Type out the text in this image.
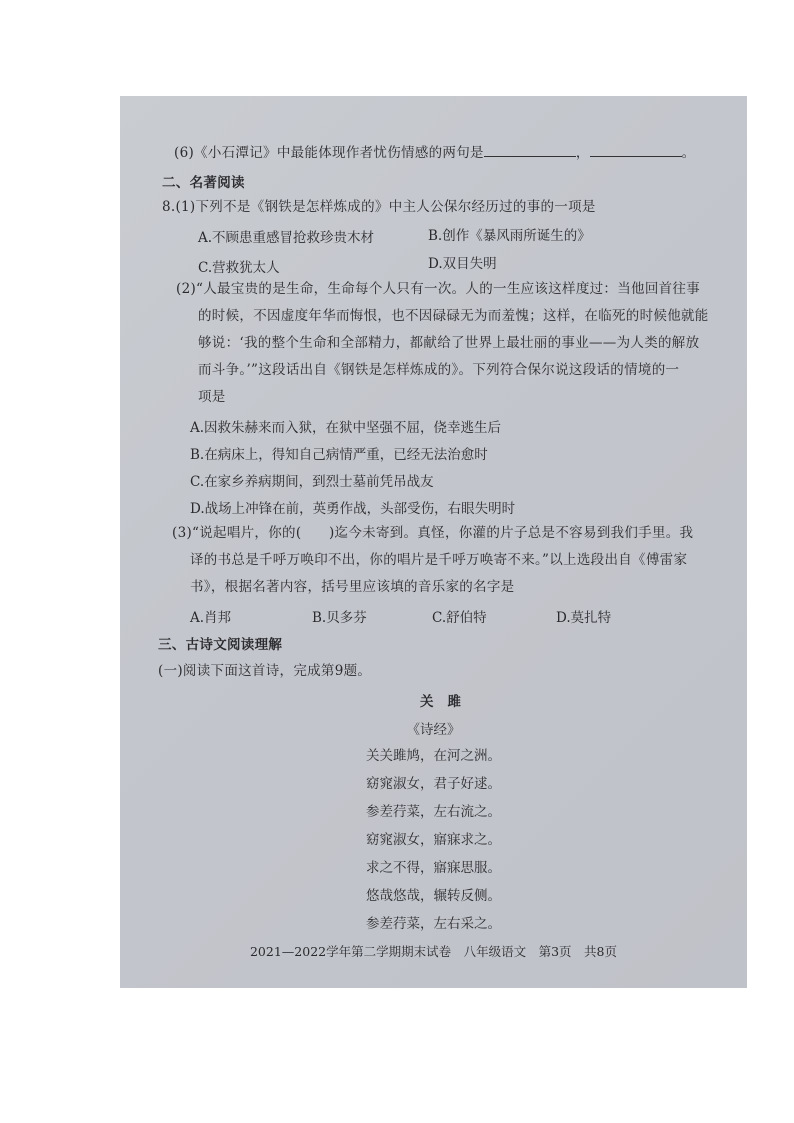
(6)《小石潭记》中最能体现作者忧伤情感的两句是	，	。
二、名著阅读
8.(1)下列不是《钢铁是怎样炼成的》中主人公保尔经历过的事的一项是
A.不顾患重感冒抢救珍贵木材	B.创作《暴风雨所诞生的》
C.营救犹太人	D.双目失明
(2)“人最宝贵的是生命，生命每个人只有一次。人的一生应该这样度过：当他回首往事
的时候，不因虚度年华而悔恨，也不因碌碌无为而羞愧；这样，在临死的时候他就能
够说：‘我的整个生命和全部精力，都献给了世界上最壮丽的事业——为人类的解放
而斗争。’”这段话出自《钢铁是怎样炼成的》。下列符合保尔说这段话的情境的一
项是
A.因救朱赫来而入狱，在狱中坚强不屈，侥幸逃生后
B.在病床上，得知自己病情严重，已经无法治愈时
C.在家乡养病期间，到烈士墓前凭吊战友
D.战场上冲锋在前，英勇作战，头部受伤，右眼失明时
(3)“说起唱片，你的(　　)迄今未寄到。真怪，你灌的片子总是不容易到我们手里。我
译的书总是千呼万唤印不出，你的唱片是千呼万唤寄不来。”以上选段出自《傅雷家
书》，根据名著内容，括号里应该填的音乐家的名字是
A.肖邦	B.贝多芬	C.舒伯特	D.莫扎特
三、古诗文阅读理解
(一)阅读下面这首诗，完成第9题。
关雎
《诗经》
关关雎鸠，在河之洲。
窈窕淑女，君子好逑。
参差荇菜，左右流之。
窈窕淑女，寤寐求之。
求之不得，寤寐思服。
悠哉悠哉，辗转反侧。
参差荇菜，左右采之。
2021—2022学年第二学期期末试卷　八年级语文　第3页　共8页
